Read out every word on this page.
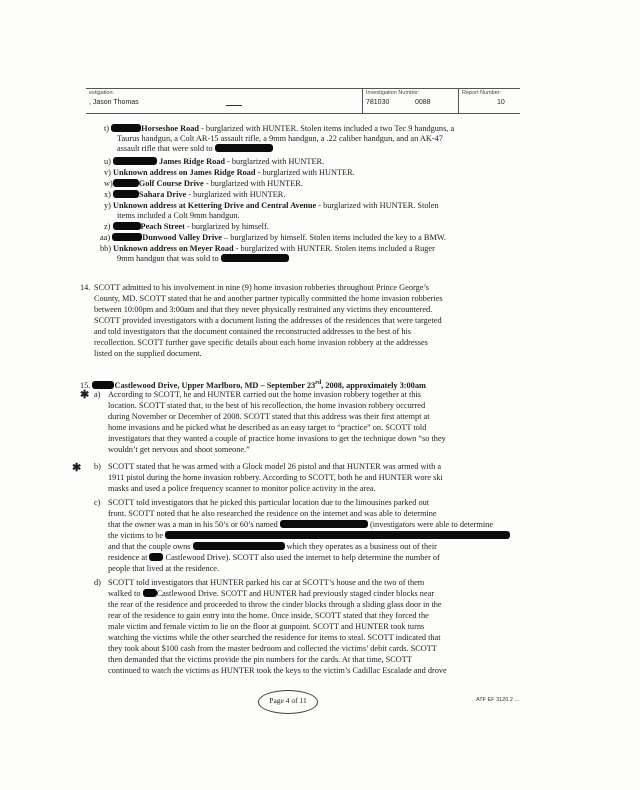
estigation:
, Jason Thomas
Investigation Number:
781030	0088
Report Number:
10
t)	Horseshoe Road - burglarized with HUNTER. Stolen items included a two Tec 9 handguns, a
Taurus handgun, a Colt AR-15 assault rifle, a 9mm handgun, a .22 caliber handgun, and an AK-47
assault rifle that were sold to
u)	James Ridge Road - burglarized with HUNTER.
v) Unknown address on James Ridge Road - burglarized with HUNTER.
w)	Golf Course Drive - burglarized with HUNTER.
x)	Sahara Drive - burglarized with HUNTER.
y) Unknown address at Kettering Drive and Central Avenue - burglarized with HUNTER. Stolen
items included a Colt 9mm handgun.
z)	Peach Street - burglarized by himself.
aa)	Dunwood Valley Drive – burglarized by himself. Stolen items included the key to a BMW.
bb) Unknown address on Meyer Road - burglarized with HUNTER. Stolen items included a Ruger
9mm handgun that was sold to
14. SCOTT admitted to his involvement in nine (9) home invasion robberies throughout Prince George’s
County, MD. SCOTT stated that he and another partner typically committed the home invasion robberies
between 10:00pm and 3:00am and that they never physically restrained any victims they encountered.
SCOTT provided investigators with a document listing the addresses of the residences that were targeted
and told investigators that the document contained the reconstructed addresses to the best of his
recollection. SCOTT further gave specific details about each home invasion robbery at the addresses
listed on the supplied document.
15.	Castlewood Drive, Upper Marlboro, MD – September 23rd, 2008, approximately 3:00am
✱ a) According to SCOTT, he and HUNTER carried out the home invasion robbery together at this
location. SCOTT stated that, to the best of his recollection, the home invasion robbery occurred
during November or December of 2008. SCOTT stated that this address was their first attempt at
home invasions and he picked what he described as an easy target to “practice” on. SCOTT told
investigators that they wanted a couple of practice home invasions to get the technique down “so they
wouldn’t get nervous and shoot someone.”
✱ b) SCOTT stated that he was armed with a Glock model 26 pistol and that HUNTER was armed with a
1911 pistol during the home invasion robbery. According to SCOTT, both he and HUNTER wore ski
masks and used a police frequency scanner to monitor police activity in the area.
c) SCOTT told investigators that he picked this particular location due to the limousines parked out
front. SCOTT noted that he also researched the residence on the internet and was able to determine
that the owner was a man in his 50’s or 60’s named	(investigators were able to determine
the victims to be
and that the couple owns	which they operates as a business out of their
residence at Castlewood Drive). SCOTT also used the internet to help determine the number of
people that lived at the residence.
d) SCOTT told investigators that HUNTER parked his car at SCOTT’s house and the two of them
walked to Castlewood Drive. SCOTT and HUNTER had previously staged cinder blocks near
the rear of the residence and proceeded to throw the cinder blocks through a sliding glass door in the
rear of the residence to gain entry into the home. Once inside, SCOTT stated that they forced the
male victim and female victim to lie on the floor at gunpoint. SCOTT and HUNTER took turns
watching the victims while the other searched the residence for items to steal. SCOTT indicated that
they took about $100 cash from the master bedroom and collected the victims’ debit cards. SCOTT
then demanded that the victims provide the pin numbers for the cards. At that time, SCOTT
continued to watch the victims as HUNTER took the keys to the victim’s Cadillac Escalade and drove
Page 4 of 11	ATF EF 3120.2 ...
